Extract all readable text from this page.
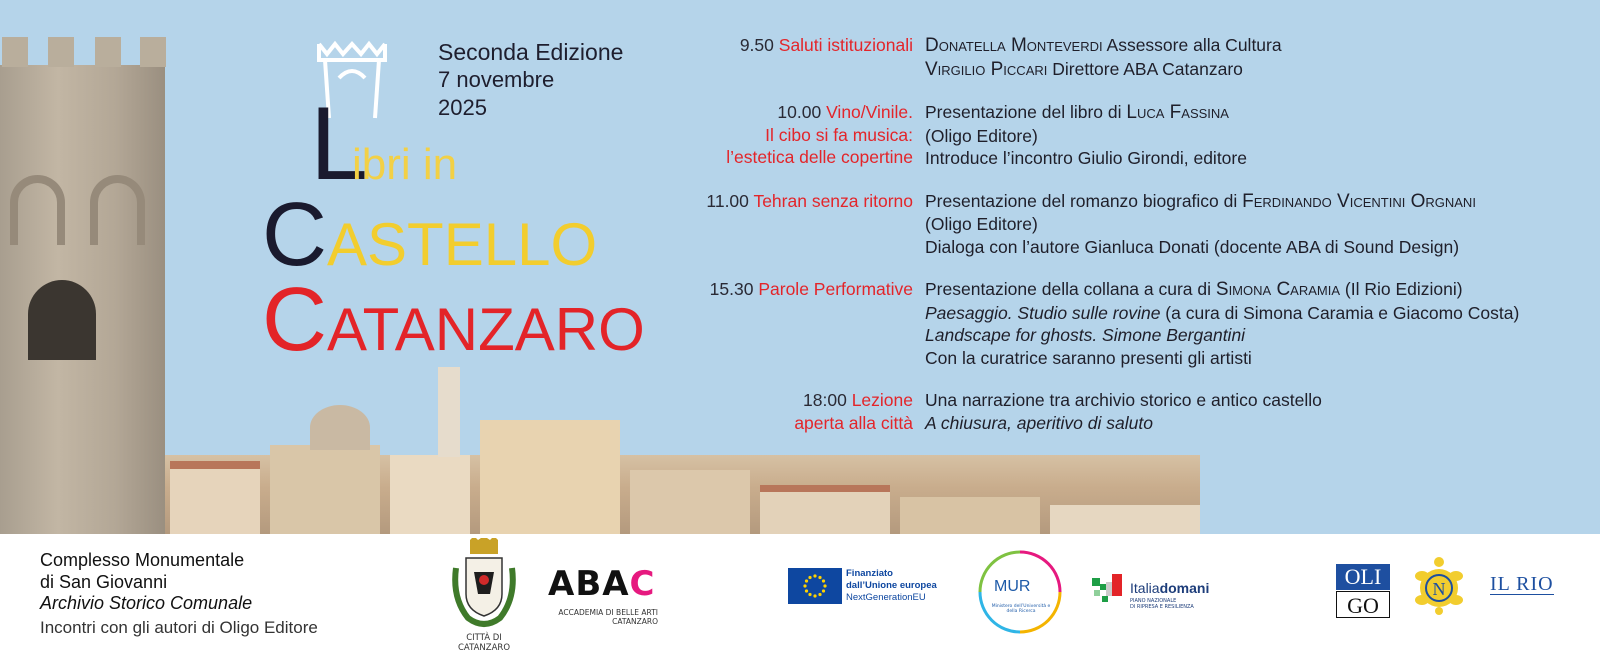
Seconda Edizione
7 novembre
2025
L
ibri in
CASTELLO
CATANZARO
9.50 Saluti istituzionali Donatella Monteverdi Assessore alla Cultura
Virgilio Piccari Direttore ABA Catanzaro
10.00 Vino/Vinile.
Il cibo si fa musica:
l’estetica delle copertine
Presentazione del libro di Luca Fassina
(Oligo Editore)
Introduce l’incontro Giulio Girondi, editore
11.00 Tehran senza ritorno Presentazione del romanzo biografico di Ferdinando Vicentini Orgnani
(Oligo Editore)
Dialoga con l’autore Gianluca Donati (docente ABA di Sound Design)
15.30 Parole Performative Presentazione della collana a cura di Simona Caramia (Il Rio Edizioni)
Paesaggio. Studio sulle rovine (a cura di Simona Caramia e Giacomo Costa)
Landscape for ghosts. Simone Bergantini
Con la curatrice saranno presenti gli artisti
18:00 Lezione
aperta alla città
Una narrazione tra archivio storico e antico castello
A chiusura, aperitivo di saluto
Complesso Monumentale
di San Giovanni
Archivio Storico Comunale
Incontri con gli autori di Oligo Editore
CITTÀ DI
CATANZARO
ABAC
ACCADEMIA DI BELLE ARTI
CATANZARO
Finanziato
dall’Unione europea
NextGenerationEU
MUR
Ministero dell’Università e della Ricerca
Italiadomani
PIANO NAZIONALE
DI RIPRESA E RESILIENZA
OLI
GO
N IL RIO
